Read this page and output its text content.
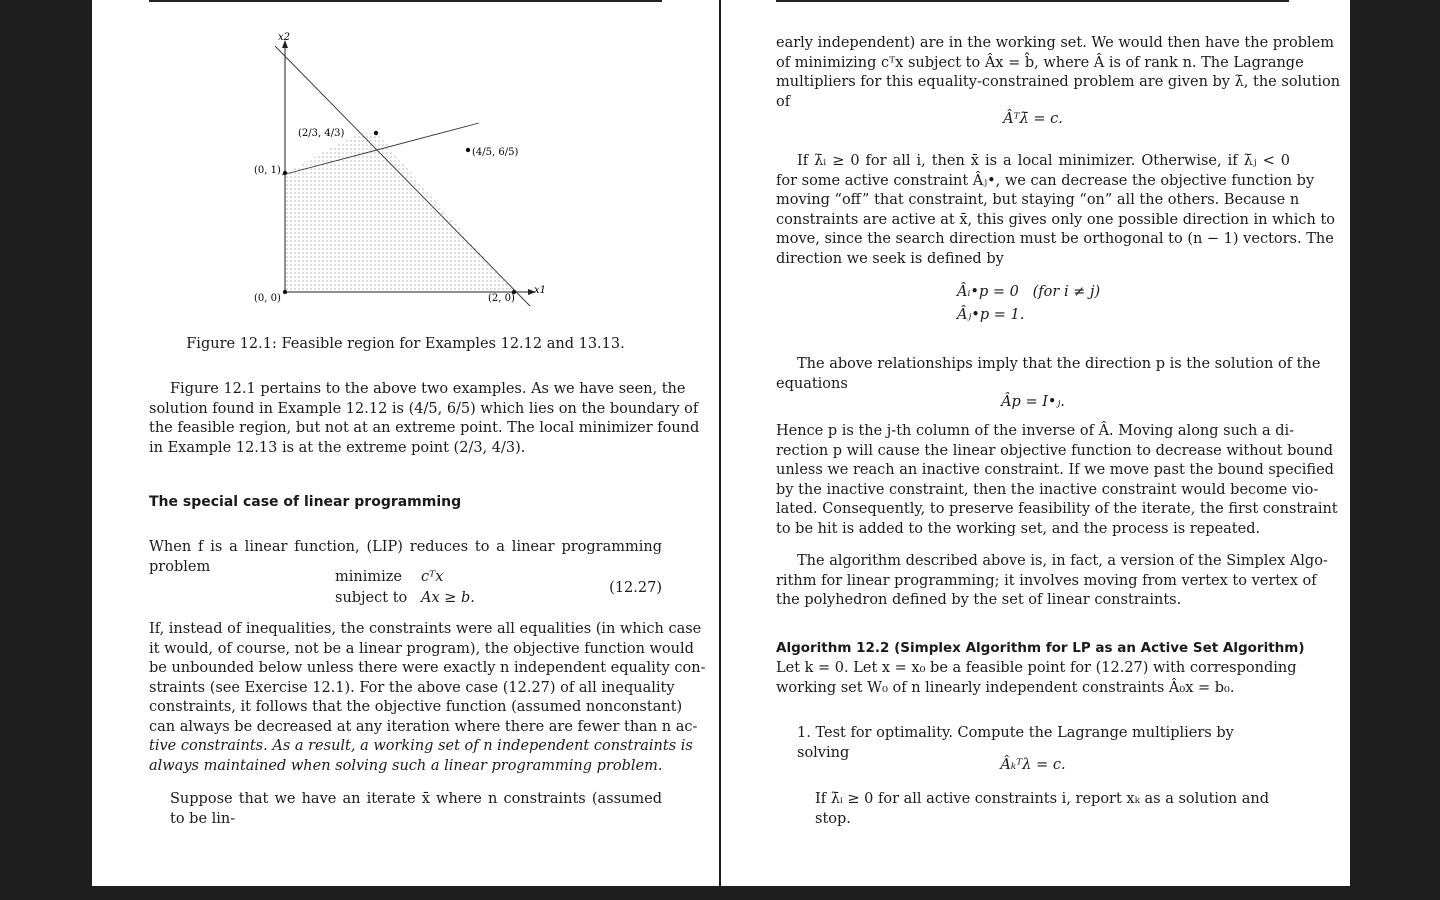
x2
x1
(2/3, 4/3)
(4/5, 6/5)
(0, 1)
(0, 0)	(2, 0)
Figure 12.1: Feasible region for Examples 12.12 and 13.13.
Figure 12.1 pertains to the above two examples. As we have seen, the
solution found in Example 12.12 is (4/5, 6/5) which lies on the boundary of
the feasible region, but not at an extreme point. The local minimizer found
in Example 12.13 is at the extreme point (2/3, 4/3).
The special case of linear programming
When f is a linear function, (LIP) reduces to a linear programming problem
minimize cᵀx
subject to Ax ≥ b.
(12.27)
If, instead of inequalities, the constraints were all equalities (in which case
it would, of course, not be a linear program), the objective function would
be unbounded below unless there were exactly n independent equality con-
straints (see Exercise 12.1). For the above case (12.27) of all inequality
constraints, it follows that the objective function (assumed nonconstant)
can always be decreased at any iteration where there are fewer than n ac-
tive constraints. As a result, a working set of n independent constraints is
always maintained when solving such a linear programming problem.
Suppose that we have an iterate x̄ where n constraints (assumed to be lin-
early independent) are in the working set. We would then have the problem
of minimizing cᵀx subject to Âx = b̂, where Â is of rank n. The Lagrange
multipliers for this equality-constrained problem are given by λ̄, the solution
of
Âᵀλ̄ = c.
If λ̄ᵢ ≥ 0 for all i, then x̄ is a local minimizer. Otherwise, if λ̄ⱼ < 0
for some active constraint Âⱼ•, we can decrease the objective function by
moving “off” that constraint, but staying “on” all the others. Because n
constraints are active at x̄, this gives only one possible direction in which to
move, since the search direction must be orthogonal to (n − 1) vectors. The
direction we seek is defined by
Âᵢ•p = 0   (for i ≠ j)
Âⱼ•p = 1.
The above relationships imply that the direction p is the solution of the
equations
Âp = I•ⱼ.
Hence p is the j-th column of the inverse of Â. Moving along such a di-
rection p will cause the linear objective function to decrease without bound
unless we reach an inactive constraint. If we move past the bound specified
by the inactive constraint, then the inactive constraint would become vio-
lated. Consequently, to preserve feasibility of the iterate, the first constraint
to be hit is added to the working set, and the process is repeated.
The algorithm described above is, in fact, a version of the Simplex Algo-
rithm for linear programming; it involves moving from vertex to vertex of
the polyhedron defined by the set of linear constraints.
Algorithm 12.2 (Simplex Algorithm for LP as an Active Set Algorithm)
Let k = 0. Let x = x₀ be a feasible point for (12.27) with corresponding
working set W₀ of n linearly independent constraints Â₀x = b₀.
1. Test for optimality. Compute the Lagrange multipliers by solving
Âₖᵀλ = c.
If λ̄ᵢ ≥ 0 for all active constraints i, report xₖ as a solution and stop.
